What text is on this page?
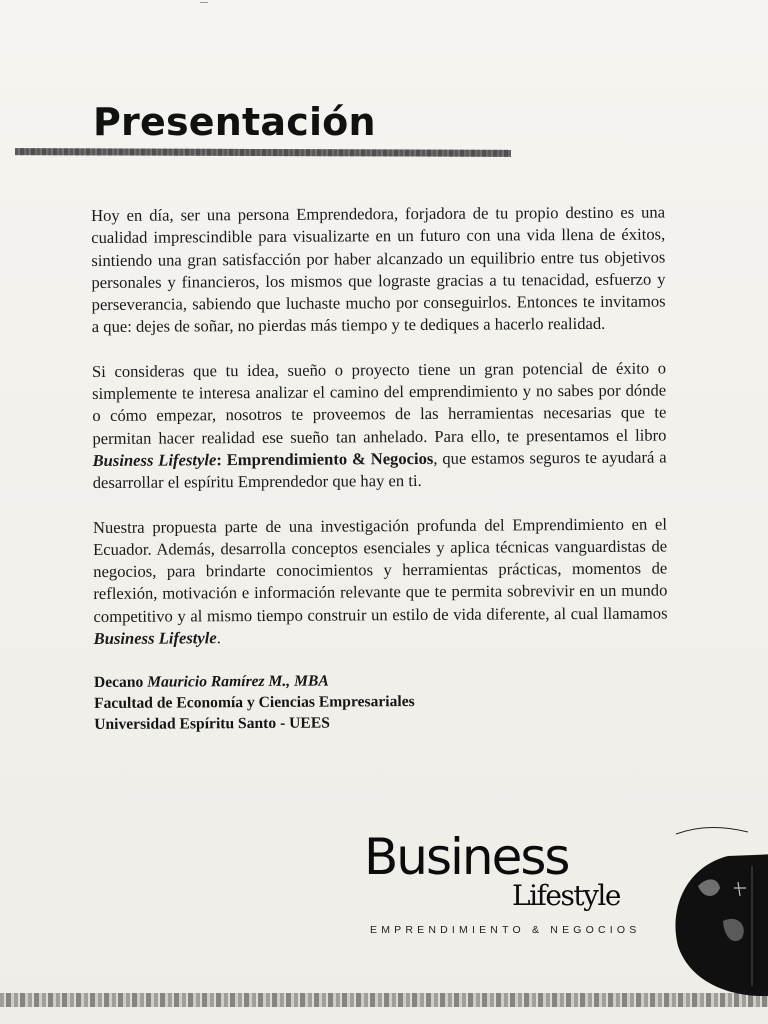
Presentación

Hoy en día, ser una persona Emprendedora, forjadora de tu propio destino es una cualidad imprescindible para visualizarte en un futuro con una vida llena de éxitos, sintiendo una gran satisfacción por haber alcanzado un equilibrio entre tus objetivos personales y financieros, los mismos que lograste gracias a tu tenacidad, esfuerzo y perseverancia, sabiendo que luchaste mucho por conseguirlos. Entonces te invitamos a que: dejes de soñar, no pierdas más tiempo y te dediques a hacerlo realidad.

Si consideras que tu idea, sueño o proyecto tiene un gran potencial de éxito o simplemente te interesa analizar el camino del emprendimiento y no sabes por dónde o cómo empezar, nosotros te proveemos de las herramientas necesarias que te permitan hacer realidad ese sueño tan anhelado. Para ello, te presentamos el libro Business Lifestyle: Emprendimiento & Negocios, que estamos seguros te ayudará a desarrollar el espíritu Emprendedor que hay en ti.

Nuestra propuesta parte de una investigación profunda del Emprendimiento en el Ecuador. Además, desarrolla conceptos esenciales y aplica técnicas vanguardistas de negocios, para brindarte conocimientos y herramientas prácticas, momentos de reflexión, motivación e información relevante que te permita sobrevivir en un mundo competitivo y al mismo tiempo construir un estilo de vida diferente, al cual llamamos Business Lifestyle.

Decano Mauricio Ramírez M., MBA
Facultad de Economía y Ciencias Empresariales
Universidad Espíritu Santo - UEES
Business
Lifestyle
EMPRENDIMIENTO & NEGOCIOS
